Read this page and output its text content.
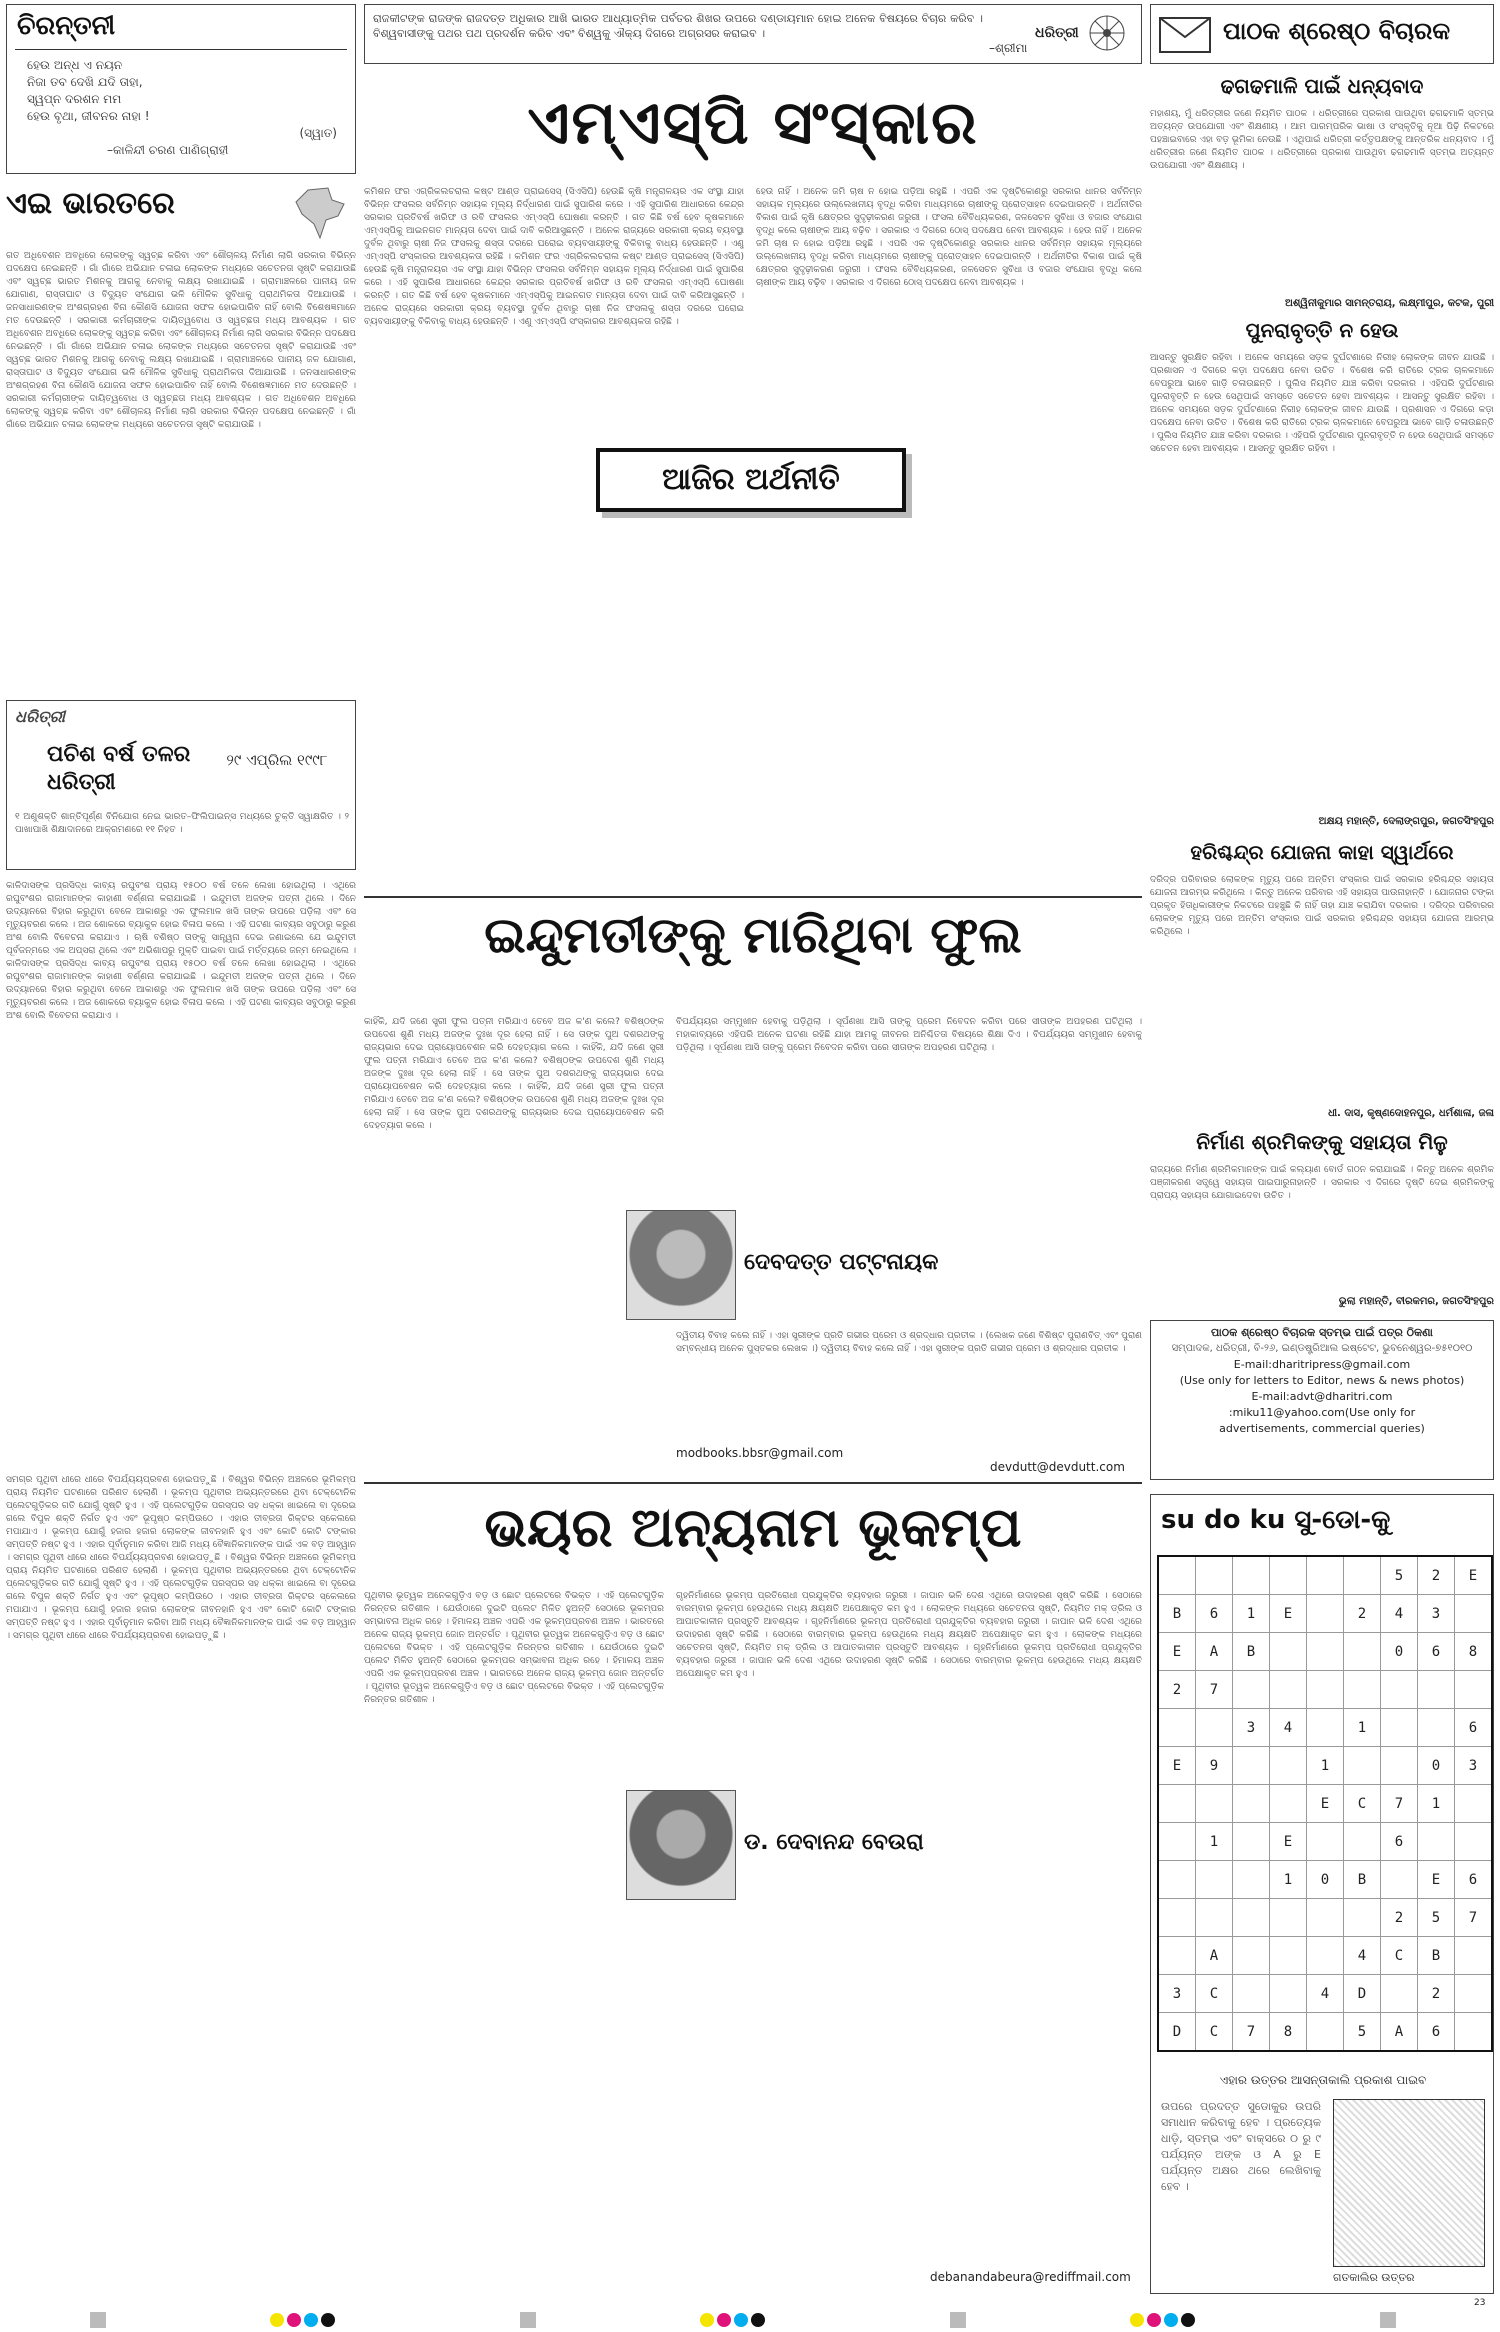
ଚିରନ୍ତନୀ
ହେଉ ଅନ୍ଧ ଏ ନୟନ
ନିଜା ତବ ଦେଖି ଯଦି ତାହା,
ସ୍ୱପ୍ନ ଦରଶନ ମମ
ହେଉ ବୃଥା, ଜୀବନର ନାହା !
(ସ୍ୱାତ)
–କାଳିନ୍ଦୀ ଚରଣ ପାଣିଗ୍ରାହୀ
ଏଇ ଭାରତରେ
ଗତ ଅଧିବେଶନ ଅବଧିରେ ଲୋକଙ୍କୁ ସ୍ୱଚ୍ଛ କରିବା ଏବଂ ଶୌଚାଳୟ ନିର୍ମାଣ ଲାଗି ସରକାର ବିଭିନ୍ନ ପଦକ୍ଷେପ ନେଇଛନ୍ତି । ଗାଁ ଗାଁରେ ଅଭିଯାନ ଚଳାଇ ଲୋକଙ୍କ ମଧ୍ୟରେ ସଚେତନତା ସୃଷ୍ଟି କରାଯାଉଛି ଏବଂ ସ୍ୱଚ୍ଛ ଭାରତ ମିଶନକୁ ଆଗକୁ ନେବାକୁ ଲକ୍ଷ୍ୟ ରଖାଯାଇଛି । ଗ୍ରାମାଞ୍ଚଳରେ ପାନୀୟ ଜଳ ଯୋଗାଣ, ରାସ୍ତାଘାଟ ଓ ବିଦ୍ୟୁତ ସଂଯୋଗ ଭଳି ମୌଳିକ ସୁବିଧାକୁ ପ୍ରାଥମିକତା ଦିଆଯାଉଛି । ଜନସାଧାରଣଙ୍କ ଅଂଶଗ୍ରହଣ ବିନା କୌଣସି ଯୋଜନା ସଫଳ ହୋଇପାରିବ ନାହିଁ ବୋଲି ବିଶେଷଜ୍ଞମାନେ ମତ ଦେଉଛନ୍ତି । ସରକାରୀ କର୍ମଚାରୀଙ୍କ ଦାୟିତ୍ୱବୋଧ ଓ ସ୍ୱଚ୍ଛତା ମଧ୍ୟ ଆବଶ୍ୟକ । ଗତ ଅଧିବେଶନ ଅବଧିରେ ଲୋକଙ୍କୁ ସ୍ୱଚ୍ଛ କରିବା ଏବଂ ଶୌଚାଳୟ ନିର୍ମାଣ ଲାଗି ସରକାର ବିଭିନ୍ନ ପଦକ୍ଷେପ ନେଇଛନ୍ତି । ଗାଁ ଗାଁରେ ଅଭିଯାନ ଚଳାଇ ଲୋକଙ୍କ ମଧ୍ୟରେ ସଚେତନତା ସୃଷ୍ଟି କରାଯାଉଛି ଏବଂ ସ୍ୱଚ୍ଛ ଭାରତ ମିଶନକୁ ଆଗକୁ ନେବାକୁ ଲକ୍ଷ୍ୟ ରଖାଯାଇଛି । ଗ୍ରାମାଞ୍ଚଳରେ ପାନୀୟ ଜଳ ଯୋଗାଣ, ରାସ୍ତାଘାଟ ଓ ବିଦ୍ୟୁତ ସଂଯୋଗ ଭଳି ମୌଳିକ ସୁବିଧାକୁ ପ୍ରାଥମିକତା ଦିଆଯାଉଛି । ଜନସାଧାରଣଙ୍କ ଅଂଶଗ୍ରହଣ ବିନା କୌଣସି ଯୋଜନା ସଫଳ ହୋଇପାରିବ ନାହିଁ ବୋଲି ବିଶେଷଜ୍ଞମାନେ ମତ ଦେଉଛନ୍ତି । ସରକାରୀ କର୍ମଚାରୀଙ୍କ ଦାୟିତ୍ୱବୋଧ ଓ ସ୍ୱଚ୍ଛତା ମଧ୍ୟ ଆବଶ୍ୟକ । ଗତ ଅଧିବେଶନ ଅବଧିରେ ଲୋକଙ୍କୁ ସ୍ୱଚ୍ଛ କରିବା ଏବଂ ଶୌଚାଳୟ ନିର୍ମାଣ ଲାଗି ସରକାର ବିଭିନ୍ନ ପଦକ୍ଷେପ ନେଇଛନ୍ତି । ଗାଁ ଗାଁରେ ଅଭିଯାନ ଚଳାଇ ଲୋକଙ୍କ ମଧ୍ୟରେ ସଚେତନତା ସୃଷ୍ଟି କରାଯାଉଛି ।
ଧରିତ୍ରୀ
ପଚିଶ ବର୍ଷ ତଳର ଧରିତ୍ରୀ
୨୯ ଏପ୍ରିଲ ୧୯୯୮
୧ ଅଣୁଶକ୍ତି ଶାନ୍ତିପୂର୍ଣ୍ଣ ବିନିଯୋଗ ନେଇ ଭାରତ–ଫିଲିପାଇନ୍ସ ମଧ୍ୟରେ ଚୁକ୍ତି ସ୍ୱାକ୍ଷରିତ । ୨ ପାଖାପାଖି ଶିକ୍ଷାଦାନରେ ଆକ୍ରମଣରେ ୧୧ ନିହତ ।
କାଳିଦାସଙ୍କ ପ୍ରସିଦ୍ଧ କାବ୍ୟ ରଘୁବଂଶ ପ୍ରାୟ ୧୫୦୦ ବର୍ଷ ତଳେ ଲେଖା ହୋଇଥିଲା । ଏଥିରେ ରଘୁବଂଶର ରାଜାମାନଙ୍କ କାହାଣୀ ବର୍ଣ୍ଣନା କରାଯାଇଛି । ଇନ୍ଦୁମତୀ ଅଜଙ୍କ ପତ୍ନୀ ଥିଲେ । ଦିନେ ଉଦ୍ୟାନରେ ବିହାର କରୁଥିବା ବେଳେ ଆକାଶରୁ ଏକ ଫୁଲମାଳ ଖସି ତାଙ୍କ ଉପରେ ପଡ଼ିଲା ଏବଂ ସେ ମୃତ୍ୟୁବରଣ କଲେ । ଅଜ ଶୋକରେ ବ୍ୟାକୁଳ ହୋଇ ବିଳାପ କଲେ । ଏହି ଘଟଣା କାବ୍ୟର ସବୁଠାରୁ କରୁଣ ଅଂଶ ବୋଲି ବିବେଚନା କରାଯାଏ । ଋଷି ବଶିଷ୍ଠ ତାଙ୍କୁ ସାନ୍ତ୍ୱନା ଦେଇ ଜଣାଇଲେ ଯେ ଇନ୍ଦୁମତୀ ପୂର୍ବଜନ୍ମରେ ଏକ ଅପ୍ସରା ଥିଲେ ଏବଂ ଅଭିଶାପରୁ ମୁକ୍ତି ପାଇବା ପାଇଁ ମର୍ତ୍ତ୍ୟରେ ଜନ୍ମ ନେଇଥିଲେ । କାଳିଦାସଙ୍କ ପ୍ରସିଦ୍ଧ କାବ୍ୟ ରଘୁବଂଶ ପ୍ରାୟ ୧୫୦୦ ବର୍ଷ ତଳେ ଲେଖା ହୋଇଥିଲା । ଏଥିରେ ରଘୁବଂଶର ରାଜାମାନଙ୍କ କାହାଣୀ ବର୍ଣ୍ଣନା କରାଯାଇଛି । ଇନ୍ଦୁମତୀ ଅଜଙ୍କ ପତ୍ନୀ ଥିଲେ । ଦିନେ ଉଦ୍ୟାନରେ ବିହାର କରୁଥିବା ବେଳେ ଆକାଶରୁ ଏକ ଫୁଲମାଳ ଖସି ତାଙ୍କ ଉପରେ ପଡ଼ିଲା ଏବଂ ସେ ମୃତ୍ୟୁବରଣ କଲେ । ଅଜ ଶୋକରେ ବ୍ୟାକୁଳ ହୋଇ ବିଳାପ କଲେ । ଏହି ଘଟଣା କାବ୍ୟର ସବୁଠାରୁ କରୁଣ ଅଂଶ ବୋଲି ବିବେଚନା କରାଯାଏ ।
ସମଗ୍ର ପୃଥିବୀ ଧୀରେ ଧୀରେ ବିପର୍ଯ୍ୟୟପ୍ରବଣ ହୋଇପଡ଼ୁଛି । ବିଶ୍ୱର ବିଭିନ୍ନ ଅଞ୍ଚଳରେ ଭୂମିକମ୍ପ ପ୍ରାୟ ନିୟମିତ ଘଟଣାରେ ପରିଣତ ହେଲାଣି । ଭୂକମ୍ପ ପୃଥିବୀର ଅଭ୍ୟନ୍ତରରେ ଥିବା ଟେକ୍ଟୋନିକ ପ୍ଲେଟଗୁଡ଼ିକର ଗତି ଯୋଗୁଁ ସୃଷ୍ଟି ହୁଏ । ଏହି ପ୍ଲେଟଗୁଡ଼ିକ ପରସ୍ପର ସହ ଧକ୍କା ଖାଇଲେ ବା ଦୂରେଇ ଗଲେ ବିପୁଳ ଶକ୍ତି ନିର୍ଗତ ହୁଏ ଏବଂ ଭୂପୃଷ୍ଠ କମ୍ପିଉଠେ । ଏହାର ତୀବ୍ରତା ରିକ୍ଟର ସ୍କେଲରେ ମପାଯାଏ । ଭୂକମ୍ପ ଯୋଗୁଁ ହଜାର ହଜାର ଲୋକଙ୍କ ଜୀବନହାନି ହୁଏ ଏବଂ କୋଟି କୋଟି ଟଙ୍କାର ସମ୍ପତ୍ତି ନଷ୍ଟ ହୁଏ । ଏହାର ପୂର୍ବାନୁମାନ କରିବା ଆଜି ମଧ୍ୟ ବୈଜ୍ଞାନିକମାନଙ୍କ ପାଇଁ ଏକ ବଡ଼ ଆହ୍ୱାନ । ସମଗ୍ର ପୃଥିବୀ ଧୀରେ ଧୀରେ ବିପର୍ଯ୍ୟୟପ୍ରବଣ ହୋଇପଡ଼ୁଛି । ବିଶ୍ୱର ବିଭିନ୍ନ ଅଞ୍ଚଳରେ ଭୂମିକମ୍ପ ପ୍ରାୟ ନିୟମିତ ଘଟଣାରେ ପରିଣତ ହେଲାଣି । ଭୂକମ୍ପ ପୃଥିବୀର ଅଭ୍ୟନ୍ତରରେ ଥିବା ଟେକ୍ଟୋନିକ ପ୍ଲେଟଗୁଡ଼ିକର ଗତି ଯୋଗୁଁ ସୃଷ୍ଟି ହୁଏ । ଏହି ପ୍ଲେଟଗୁଡ଼ିକ ପରସ୍ପର ସହ ଧକ୍କା ଖାଇଲେ ବା ଦୂରେଇ ଗଲେ ବିପୁଳ ଶକ୍ତି ନିର୍ଗତ ହୁଏ ଏବଂ ଭୂପୃଷ୍ଠ କମ୍ପିଉଠେ । ଏହାର ତୀବ୍ରତା ରିକ୍ଟର ସ୍କେଲରେ ମପାଯାଏ । ଭୂକମ୍ପ ଯୋଗୁଁ ହଜାର ହଜାର ଲୋକଙ୍କ ଜୀବନହାନି ହୁଏ ଏବଂ କୋଟି କୋଟି ଟଙ୍କାର ସମ୍ପତ୍ତି ନଷ୍ଟ ହୁଏ । ଏହାର ପୂର୍ବାନୁମାନ କରିବା ଆଜି ମଧ୍ୟ ବୈଜ୍ଞାନିକମାନଙ୍କ ପାଇଁ ଏକ ବଡ଼ ଆହ୍ୱାନ । ସମଗ୍ର ପୃଥିବୀ ଧୀରେ ଧୀରେ ବିପର୍ଯ୍ୟୟପ୍ରବଣ ହୋଇପଡ଼ୁଛି ।
ରାଜକୀଟଙ୍କ ରାଜଙ୍କ ରାଜଦତ୍ତ ଅଧିକାର ଆଖି ଭାରତ ଆଧ୍ୟାତ୍ମିକ ପର୍ବତର ଶିଖର ଉପରେ ଦଣ୍ଡାୟମାନ ହୋଇ ଅନେକ ବିଷୟରେ ବିଚାର କରିବ । ବିଶ୍ୱବାସୀଙ୍କୁ ପଥର ପଥ ପ୍ରଦର୍ଶନ କରିବ ଏବଂ ବିଶ୍ୱକୁ ଐକ୍ୟ ଦିଗରେ ଅଗ୍ରସର କରାଇବ ।
–ଶ୍ରୀମା
ଧରିତ୍ରୀ
ଏମ୍ଏସ୍‌ପି ସଂସ୍କାର
କମିଶନ ଫର ଏଗ୍ରିକଲଚରାଲ କଷ୍ଟ ଆଣ୍ଡ ପ୍ରାଇସେସ୍ (ସିଏସିପି) ହେଉଛି କୃଷି ମନ୍ତ୍ରାଳୟର ଏକ ସଂସ୍ଥା ଯାହା ବିଭିନ୍ନ ଫସଲର ସର୍ବନିମ୍ନ ସହାୟକ ମୂଲ୍ୟ ନିର୍ଦ୍ଧାରଣ ପାଇଁ ସୁପାରିଶ କରେ । ଏହି ସୁପାରିଶ ଆଧାରରେ କେନ୍ଦ୍ର ସରକାର ପ୍ରତିବର୍ଷ ଖରିଫ ଓ ରବି ଫସଲର ଏମ୍ଏସ୍‌ପି ଘୋଷଣା କରନ୍ତି । ଗତ କିଛି ବର୍ଷ ହେବ କୃଷକମାନେ ଏମ୍ଏସ୍‌ପିକୁ ଆଇନଗତ ମାନ୍ୟତା ଦେବା ପାଇଁ ଦାବି କରିଆସୁଛନ୍ତି । ଅନେକ ରାଜ୍ୟରେ ସରକାରୀ କ୍ରୟ ବ୍ୟବସ୍ଥା ଦୁର୍ବଳ ଥିବାରୁ ଚାଷୀ ନିଜ ଫସଲକୁ ଶସ୍ତା ଦରରେ ଘରୋଇ ବ୍ୟବସାୟୀଙ୍କୁ ବିକିବାକୁ ବାଧ୍ୟ ହେଉଛନ୍ତି । ଏଣୁ ଏମ୍ଏସ୍‌ପି ସଂସ୍କାରର ଆବଶ୍ୟକତା ରହିଛି । କମିଶନ ଫର ଏଗ୍ରିକଲଚରାଲ କଷ୍ଟ ଆଣ୍ଡ ପ୍ରାଇସେସ୍ (ସିଏସିପି) ହେଉଛି କୃଷି ମନ୍ତ୍ରାଳୟର ଏକ ସଂସ୍ଥା ଯାହା ବିଭିନ୍ନ ଫସଲର ସର୍ବନିମ୍ନ ସହାୟକ ମୂଲ୍ୟ ନିର୍ଦ୍ଧାରଣ ପାଇଁ ସୁପାରିଶ କରେ । ଏହି ସୁପାରିଶ ଆଧାରରେ କେନ୍ଦ୍ର ସରକାର ପ୍ରତିବର୍ଷ ଖରିଫ ଓ ରବି ଫସଲର ଏମ୍ଏସ୍‌ପି ଘୋଷଣା କରନ୍ତି । ଗତ କିଛି ବର୍ଷ ହେବ କୃଷକମାନେ ଏମ୍ଏସ୍‌ପିକୁ ଆଇନଗତ ମାନ୍ୟତା ଦେବା ପାଇଁ ଦାବି କରିଆସୁଛନ୍ତି । ଅନେକ ରାଜ୍ୟରେ ସରକାରୀ କ୍ରୟ ବ୍ୟବସ୍ଥା ଦୁର୍ବଳ ଥିବାରୁ ଚାଷୀ ନିଜ ଫସଲକୁ ଶସ୍ତା ଦରରେ ଘରୋଇ ବ୍ୟବସାୟୀଙ୍କୁ ବିକିବାକୁ ବାଧ୍ୟ ହେଉଛନ୍ତି । ଏଣୁ ଏମ୍ଏସ୍‌ପି ସଂସ୍କାରର ଆବଶ୍ୟକତା ରହିଛି ।
ହେଉ ନାହିଁ । ଅନେକ ଜମି ଚାଷ ନ ହୋଇ ପଡ଼ିଆ ରହୁଛି । ଏପରି ଏକ ଦୃଷ୍ଟିକୋଣରୁ ସରକାର ଧାନର ସର୍ବନିମ୍ନ ସହାୟକ ମୂଲ୍ୟରେ ଉଲ୍ଲେଖନୀୟ ବୃଦ୍ଧି କରିବା ମାଧ୍ୟମରେ ଚାଷୀଙ୍କୁ ପ୍ରୋତ୍ସାହନ ଦେଇପାରନ୍ତି । ଅର୍ଥନୀତିର ବିକାଶ ପାଇଁ କୃଷି କ୍ଷେତ୍ରର ସୁଦୃଢ଼ୀକରଣ ଜରୁରୀ । ଫସଲ ବୈବିଧ୍ୟକରଣ, ଜଳସେଚନ ସୁବିଧା ଓ ବଜାର ସଂଯୋଗ ବୃଦ୍ଧି କଲେ ଚାଷୀଙ୍କ ଆୟ ବଢ଼ିବ । ସରକାର ଏ ଦିଗରେ ଠୋସ୍ ପଦକ୍ଷେପ ନେବା ଆବଶ୍ୟକ । ହେଉ ନାହିଁ । ଅନେକ ଜମି ଚାଷ ନ ହୋଇ ପଡ଼ିଆ ରହୁଛି । ଏପରି ଏକ ଦୃଷ୍ଟିକୋଣରୁ ସରକାର ଧାନର ସର୍ବନିମ୍ନ ସହାୟକ ମୂଲ୍ୟରେ ଉଲ୍ଲେଖନୀୟ ବୃଦ୍ଧି କରିବା ମାଧ୍ୟମରେ ଚାଷୀଙ୍କୁ ପ୍ରୋତ୍ସାହନ ଦେଇପାରନ୍ତି । ଅର୍ଥନୀତିର ବିକାଶ ପାଇଁ କୃଷି କ୍ଷେତ୍ରର ସୁଦୃଢ଼ୀକରଣ ଜରୁରୀ । ଫସଲ ବୈବିଧ୍ୟକରଣ, ଜଳସେଚନ ସୁବିଧା ଓ ବଜାର ସଂଯୋଗ ବୃଦ୍ଧି କଲେ ଚାଷୀଙ୍କ ଆୟ ବଢ଼ିବ । ସରକାର ଏ ଦିଗରେ ଠୋସ୍ ପଦକ୍ଷେପ ନେବା ଆବଶ୍ୟକ ।
ଆଜିର ଅର୍ଥନୀତି
ଇନ୍ଦୁମତୀଙ୍କୁ ମାରିଥିବା ଫୁଲ
କାହିଁକି, ଯଦି ଜଣେ ସ୍ତ୍ରୀ ଫୁଲ ପତ୍ନୀ ମରିଯାଏ ତେବେ ଅଜ କ'ଣ କଲେ? ବଶିଷ୍ଠଙ୍କ ଉପଦେଶ ଶୁଣି ମଧ୍ୟ ଅଜଙ୍କ ଦୁଃଖ ଦୂର ହେଲା ନାହିଁ । ସେ ତାଙ୍କ ପୁଅ ଦଶରଥଙ୍କୁ ରାଜ୍ୟଭାର ଦେଇ ପ୍ରାୟୋପବେଶନ କରି ଦେହତ୍ୟାଗ କଲେ । କାହିଁକି, ଯଦି ଜଣେ ସ୍ତ୍ରୀ ଫୁଲ ପତ୍ନୀ ମରିଯାଏ ତେବେ ଅଜ କ'ଣ କଲେ? ବଶିଷ୍ଠଙ୍କ ଉପଦେଶ ଶୁଣି ମଧ୍ୟ ଅଜଙ୍କ ଦୁଃଖ ଦୂର ହେଲା ନାହିଁ । ସେ ତାଙ୍କ ପୁଅ ଦଶରଥଙ୍କୁ ରାଜ୍ୟଭାର ଦେଇ ପ୍ରାୟୋପବେଶନ କରି ଦେହତ୍ୟାଗ କଲେ । କାହିଁକି, ଯଦି ଜଣେ ସ୍ତ୍ରୀ ଫୁଲ ପତ୍ନୀ ମରିଯାଏ ତେବେ ଅଜ କ'ଣ କଲେ? ବଶିଷ୍ଠଙ୍କ ଉପଦେଶ ଶୁଣି ମଧ୍ୟ ଅଜଙ୍କ ଦୁଃଖ ଦୂର ହେଲା ନାହିଁ । ସେ ତାଙ୍କ ପୁଅ ଦଶରଥଙ୍କୁ ରାଜ୍ୟଭାର ଦେଇ ପ୍ରାୟୋପବେଶନ କରି ଦେହତ୍ୟାଗ କଲେ ।
ବିପର୍ଯ୍ୟୟର ସମ୍ମୁଖୀନ ହେବାକୁ ପଡ଼ିଥିଲା । ସୂର୍ପଣଖା ଆସି ତାଙ୍କୁ ପ୍ରେମ ନିବେଦନ କରିବା ପରେ ସୀତାଙ୍କ ଅପହରଣ ଘଟିଥିଲା । ମହାକାବ୍ୟରେ ଏହିପରି ଅନେକ ଘଟଣା ରହିଛି ଯାହା ଆମକୁ ଜୀବନର ଅନିଶ୍ଚିତତା ବିଷୟରେ ଶିକ୍ଷା ଦିଏ । ବିପର୍ଯ୍ୟୟର ସମ୍ମୁଖୀନ ହେବାକୁ ପଡ଼ିଥିଲା । ସୂର୍ପଣଖା ଆସି ତାଙ୍କୁ ପ୍ରେମ ନିବେଦନ କରିବା ପରେ ସୀତାଙ୍କ ଅପହରଣ ଘଟିଥିଲା ।
ଦେବଦତ୍ତ ପଟ୍ଟନାୟକ
ଦ୍ୱିତୀୟ ବିବାହ କଲେ ନାହିଁ । ଏହା ସ୍ତ୍ରୀଙ୍କ ପ୍ରତି ଗଭୀର ପ୍ରେମ ଓ ଶ୍ରଦ୍ଧାର ପ୍ରତୀକ । (ଲେଖକ ଜଣେ ବିଶିଷ୍ଟ ପୁରାଣବିତ୍ ଏବଂ ପୁରାଣ ସମ୍ବନ୍ଧୀୟ ଅନେକ ପୁସ୍ତକର ଲେଖକ ।) ଦ୍ୱିତୀୟ ବିବାହ କଲେ ନାହିଁ । ଏହା ସ୍ତ୍ରୀଙ୍କ ପ୍ରତି ଗଭୀର ପ୍ରେମ ଓ ଶ୍ରଦ୍ଧାର ପ୍ରତୀକ ।
modbooks.bbsr@gmail.com
devdutt@devdutt.com
ଭୟର ଅନ୍ୟନାମ ଭୂକମ୍ପ
ପୃଥିବୀର ଭୂତ୍ୱକ ଅନେକଗୁଡ଼ିଏ ବଡ଼ ଓ ଛୋଟ ପ୍ଲେଟରେ ବିଭକ୍ତ । ଏହି ପ୍ଲେଟଗୁଡ଼ିକ ନିରନ୍ତର ଗତିଶୀଳ । ଯେଉଁଠାରେ ଦୁଇଟି ପ୍ଲେଟ ମିଳିତ ହୁଅନ୍ତି ସେଠାରେ ଭୂକମ୍ପର ସମ୍ଭାବନା ଅଧିକ ରହେ । ହିମାଳୟ ଅଞ୍ଚଳ ଏପରି ଏକ ଭୂକମ୍ପପ୍ରବଣ ଅଞ୍ଚଳ । ଭାରତରେ ଅନେକ ରାଜ୍ୟ ଭୂକମ୍ପ ଜୋନ ଅନ୍ତର୍ଗତ । ପୃଥିବୀର ଭୂତ୍ୱକ ଅନେକଗୁଡ଼ିଏ ବଡ଼ ଓ ଛୋଟ ପ୍ଲେଟରେ ବିଭକ୍ତ । ଏହି ପ୍ଲେଟଗୁଡ଼ିକ ନିରନ୍ତର ଗତିଶୀଳ । ଯେଉଁଠାରେ ଦୁଇଟି ପ୍ଲେଟ ମିଳିତ ହୁଅନ୍ତି ସେଠାରେ ଭୂକମ୍ପର ସମ୍ଭାବନା ଅଧିକ ରହେ । ହିମାଳୟ ଅଞ୍ଚଳ ଏପରି ଏକ ଭୂକମ୍ପପ୍ରବଣ ଅଞ୍ଚଳ । ଭାରତରେ ଅନେକ ରାଜ୍ୟ ଭୂକମ୍ପ ଜୋନ ଅନ୍ତର୍ଗତ । ପୃଥିବୀର ଭୂତ୍ୱକ ଅନେକଗୁଡ଼ିଏ ବଡ଼ ଓ ଛୋଟ ପ୍ଲେଟରେ ବିଭକ୍ତ । ଏହି ପ୍ଲେଟଗୁଡ଼ିକ ନିରନ୍ତର ଗତିଶୀଳ ।
ଗୃହନିର୍ମାଣରେ ଭୂକମ୍ପ ପ୍ରତିରୋଧୀ ପ୍ରଯୁକ୍ତିର ବ୍ୟବହାର ଜରୁରୀ । ଜାପାନ ଭଳି ଦେଶ ଏଥିରେ ଉଦାହରଣ ସୃଷ୍ଟି କରିଛି । ସେଠାରେ ବାରମ୍ବାର ଭୂକମ୍ପ ହେଉଥିଲେ ମଧ୍ୟ କ୍ଷୟକ୍ଷତି ଅପେକ୍ଷାକୃତ କମ ହୁଏ । ଲୋକଙ୍କ ମଧ୍ୟରେ ସଚେତନତା ସୃଷ୍ଟି, ନିୟମିତ ମକ୍ ଡ୍ରିଲ ଓ ଆପାତକାଳୀନ ପ୍ରସ୍ତୁତି ଆବଶ୍ୟକ । ଗୃହନିର୍ମାଣରେ ଭୂକମ୍ପ ପ୍ରତିରୋଧୀ ପ୍ରଯୁକ୍ତିର ବ୍ୟବହାର ଜରୁରୀ । ଜାପାନ ଭଳି ଦେଶ ଏଥିରେ ଉଦାହରଣ ସୃଷ୍ଟି କରିଛି । ସେଠାରେ ବାରମ୍ବାର ଭୂକମ୍ପ ହେଉଥିଲେ ମଧ୍ୟ କ୍ଷୟକ୍ଷତି ଅପେକ୍ଷାକୃତ କମ ହୁଏ । ଲୋକଙ୍କ ମଧ୍ୟରେ ସଚେତନତା ସୃଷ୍ଟି, ନିୟମିତ ମକ୍ ଡ୍ରିଲ ଓ ଆପାତକାଳୀନ ପ୍ରସ୍ତୁତି ଆବଶ୍ୟକ । ଗୃହନିର୍ମାଣରେ ଭୂକମ୍ପ ପ୍ରତିରୋଧୀ ପ୍ରଯୁକ୍ତିର ବ୍ୟବହାର ଜରୁରୀ । ଜାପାନ ଭଳି ଦେଶ ଏଥିରେ ଉଦାହରଣ ସୃଷ୍ଟି କରିଛି । ସେଠାରେ ବାରମ୍ବାର ଭୂକମ୍ପ ହେଉଥିଲେ ମଧ୍ୟ କ୍ଷୟକ୍ଷତି ଅପେକ୍ଷାକୃତ କମ ହୁଏ ।
ଡ. ଦେବାନନ୍ଦ ବେଉରା
debanandabeura@rediffmail.com
ପାଠକ ଶ୍ରେଷ୍ଠ ବିଚାରକ
ଢଗଢମାଳି ପାଇଁ ଧନ୍ୟବାଦ
ମହାଶୟ, ମୁଁ ଧରିତ୍ରୀର ଜଣେ ନିୟମିତ ପାଠକ । ଧରିତ୍ରୀରେ ପ୍ରକାଶ ପାଉଥିବା ଢଗଢମାଳି ସ୍ତମ୍ଭ ଅତ୍ୟନ୍ତ ଉପଯୋଗୀ ଏବଂ ଶିକ୍ଷଣୀୟ । ଆମ ପାରମ୍ପରିକ ଭାଷା ଓ ସଂସ୍କୃତିକୁ ନୂଆ ପିଢ଼ି ନିକଟରେ ପହଞ୍ଚାଇବାରେ ଏହା ବଡ଼ ଭୂମିକା ନେଉଛି । ଏଥିପାଇଁ ଧରିତ୍ରୀ କର୍ତ୍ତୃପକ୍ଷଙ୍କୁ ଆନ୍ତରିକ ଧନ୍ୟବାଦ । ମୁଁ ଧରିତ୍ରୀର ଜଣେ ନିୟମିତ ପାଠକ । ଧରିତ୍ରୀରେ ପ୍ରକାଶ ପାଉଥିବା ଢଗଢମାଳି ସ୍ତମ୍ଭ ଅତ୍ୟନ୍ତ ଉପଯୋଗୀ ଏବଂ ଶିକ୍ଷଣୀୟ ।
ଅଶ୍ୱିନୀକୁମାର ସାମନ୍ତରାୟ, ଲକ୍ଷ୍ମୀପୁର, କଟକ, ପୁରୀ
ପୁନରାବୃତ୍ତି ନ ହେଉ
ଆସନ୍ତୁ ସୁରକ୍ଷିତ ରହିବା । ଅନେକ ସମୟରେ ସଡ଼କ ଦୁର୍ଘଟଣାରେ ନିରୀହ ଲୋକଙ୍କ ଜୀବନ ଯାଉଛି । ପ୍ରଶାସନ ଏ ଦିଗରେ କଡ଼ା ପଦକ୍ଷେପ ନେବା ଉଚିତ । ବିଶେଷ କରି ରାତିରେ ଟ୍ରକ ଚାଳକମାନେ ବେପରୁଆ ଭାବେ ଗାଡ଼ି ଚଳାଉଛନ୍ତି । ପୁଲିସ ନିୟମିତ ଯାଞ୍ଚ କରିବା ଦରକାର । ଏହିପରି ଦୁର୍ଘଟଣାର ପୁନରାବୃତ୍ତି ନ ହେଉ ସେଥିପାଇଁ ସମସ୍ତେ ସଚେତନ ହେବା ଆବଶ୍ୟକ । ଆସନ୍ତୁ ସୁରକ୍ଷିତ ରହିବା । ଅନେକ ସମୟରେ ସଡ଼କ ଦୁର୍ଘଟଣାରେ ନିରୀହ ଲୋକଙ୍କ ଜୀବନ ଯାଉଛି । ପ୍ରଶାସନ ଏ ଦିଗରେ କଡ଼ା ପଦକ୍ଷେପ ନେବା ଉଚିତ । ବିଶେଷ କରି ରାତିରେ ଟ୍ରକ ଚାଳକମାନେ ବେପରୁଆ ଭାବେ ଗାଡ଼ି ଚଳାଉଛନ୍ତି । ପୁଲିସ ନିୟମିତ ଯାଞ୍ଚ କରିବା ଦରକାର । ଏହିପରି ଦୁର୍ଘଟଣାର ପୁନରାବୃତ୍ତି ନ ହେଉ ସେଥିପାଇଁ ସମସ୍ତେ ସଚେତନ ହେବା ଆବଶ୍ୟକ । ଆସନ୍ତୁ ସୁରକ୍ଷିତ ରହିବା ।
ଅକ୍ଷୟ ମହାନ୍ତି, ଦେଲାଙ୍ଗପୁର, ଜଗତସିଂହପୁର
ହରିଶ୍ଚନ୍ଦ୍ର ଯୋଜନା କାହା ସ୍ୱାର୍ଥରେ
ଦରିଦ୍ର ପରିବାରର ଲୋକଙ୍କ ମୃତ୍ୟୁ ପରେ ଅନ୍ତିମ ସଂସ୍କାର ପାଇଁ ସରକାର ହରିଶ୍ଚନ୍ଦ୍ର ସହାୟତା ଯୋଜନା ଆରମ୍ଭ କରିଥିଲେ । କିନ୍ତୁ ଅନେକ ପରିବାର ଏହି ସହାୟତା ପାଉନାହାନ୍ତି । ଯୋଜନାର ଟଙ୍କା ପ୍ରକୃତ ହିତାଧିକାରୀଙ୍କ ନିକଟରେ ପହଞ୍ଚୁଛି କି ନାହିଁ ତାହା ଯାଞ୍ଚ କରାଯିବା ଦରକାର । ଦରିଦ୍ର ପରିବାରର ଲୋକଙ୍କ ମୃତ୍ୟୁ ପରେ ଅନ୍ତିମ ସଂସ୍କାର ପାଇଁ ସରକାର ହରିଶ୍ଚନ୍ଦ୍ର ସହାୟତା ଯୋଜନା ଆରମ୍ଭ କରିଥିଲେ ।
ଧୀ. ଦାସ, କୃଷ୍ଣଦୋହନପୁର, ଧର୍ମଶାଳା, ଜଳା
ନିର୍ମାଣ ଶ୍ରମିକଙ୍କୁ ସହାୟତା ମିଳୁ
ରାଜ୍ୟରେ ନିର୍ମାଣ ଶ୍ରମିକମାନଙ୍କ ପାଇଁ କଲ୍ୟାଣ ବୋର୍ଡ ଗଠନ କରାଯାଇଛି । କିନ୍ତୁ ଅନେକ ଶ୍ରମିକ ପଞ୍ଜୀକରଣ ସତ୍ତ୍ୱେ ସହାୟତା ପାଇପାରୁନାହାନ୍ତି । ସରକାର ଏ ଦିଗରେ ଦୃଷ୍ଟି ଦେଇ ଶ୍ରମିକଙ୍କୁ ପ୍ରାପ୍ୟ ସହାୟତା ଯୋଗାଇଦେବା ଉଚିତ ।
ଭୁଲା ମହାନ୍ତି, ବୀରକମର, ଜଗତସିଂହପୁର
ପାଠକ ଶ୍ରେଷ୍ଠ ବିଚାରକ ସ୍ତମ୍ଭ ପାଇଁ ପତ୍ର ଠିକଣା
ସମ୍ପାଦକ, ଧରିତ୍ରୀ, ବି-୨୬, ଇଣ୍ଡଷ୍ଟ୍ରିଆଲ ଇଷ୍ଟେଟ, ଭୁବନେଶ୍ୱର-୭୫୧୦୧୦
E-mail:dharitripress@gmail.com
(Use only for letters to Editor, news & news photos)
E-mail:advt@dharitri.com
:miku11@yahoo.com(Use only for
advertisements, commercial queries)
su do ku ସୁ-ଡୋ-କୁ
						5	2	E
B	6	1	E		2	4	3	
E	A	B				0	6	8
2	7							
		3	4		1			6
E	9			1			0	3
				E	C	7	1	
	1		E			6		
			1	0	B		E	6
						2	5	7
	A				4	C	B	
3	C			4	D		2	
D	C	7	8		5	A	6	
ଏହାର ଉତ୍ତର ଆସନ୍ତାକାଲି ପ୍ରକାଶ ପାଇବ
ଉପରେ ପ୍ରଦତ୍ତ ସୁଡୋକୁର ଉପରି ସମାଧାନ କରିବାକୁ ହେବ । ପ୍ରତ୍ୟେକ ଧାଡ଼ି, ସ୍ତମ୍ଭ ଏବଂ ବାକ୍ସରେ ୦ ରୁ ୯ ପର୍ଯ୍ୟନ୍ତ ଅଙ୍କ ଓ A ରୁ E ପର୍ଯ୍ୟନ୍ତ ଅକ୍ଷର ଥରେ ଲେଖିବାକୁ ହେବ ।
ଗତକାଲିର ଉତ୍ତର
23
